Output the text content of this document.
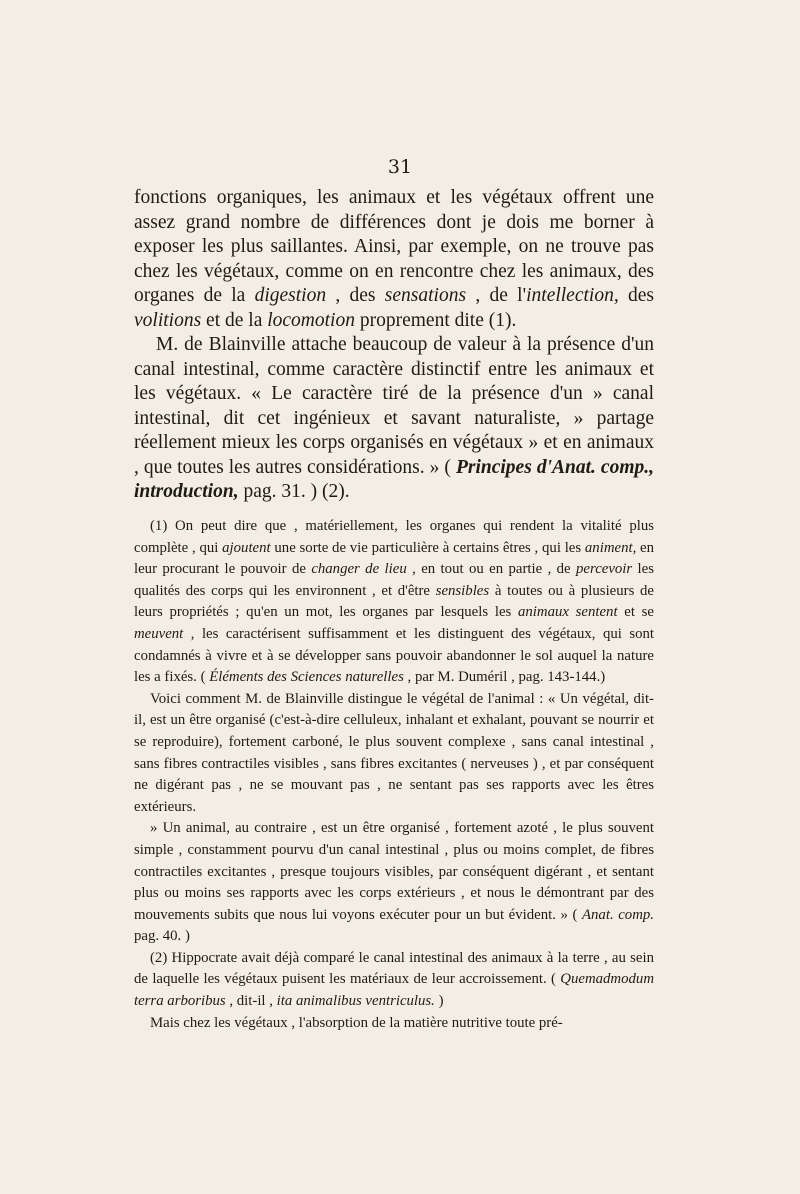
31

fonctions organiques, les animaux et les végétaux offrent une assez grand nombre de différences dont je dois me borner à exposer les plus saillantes. Ainsi, par exemple, on ne trouve pas chez les végétaux, comme on en rencontre chez les animaux, des organes de la digestion , des sensations , de l'intellection, des volitions et de la locomotion proprement dite (1).

M. de Blainville attache beaucoup de valeur à la présence d'un canal intestinal, comme caractère distinctif entre les animaux et les végétaux. « Le caractère tiré de la présence d'un » canal intestinal, dit cet ingénieux et savant naturaliste, » partage réellement mieux les corps organisés en végétaux » et en animaux , que toutes les autres considérations. » ( Principes d'Anat. comp., introduction, pag. 31. ) (2).

(1) On peut dire que , matériellement, les organes qui rendent la vitalité plus complète , qui ajoutent une sorte de vie particulière à certains êtres , qui les animent, en leur procurant le pouvoir de changer de lieu , en tout ou en partie , de percevoir les qualités des corps qui les environnent , et d'être sensibles à toutes ou à plusieurs de leurs propriétés ; qu'en un mot, les organes par lesquels les animaux sentent et se meuvent , les caractérisent suffisamment et les distinguent des végétaux, qui sont condamnés à vivre et à se développer sans pouvoir abandonner le sol auquel la nature les a fixés. ( Éléments des Sciences naturelles , par M. Duméril , pag. 143-144.)

Voici comment M. de Blainville distingue le végétal de l'animal : « Un végétal, dit-il, est un être organisé (c'est-à-dire celluleux, inhalant et exhalant, pouvant se nourrir et se reproduire), fortement carboné, le plus souvent complexe , sans canal intestinal , sans fibres contractiles visibles , sans fibres excitantes ( nerveuses ) , et par conséquent ne digérant pas , ne se mouvant pas , ne sentant pas ses rapports avec les êtres extérieurs.

» Un animal, au contraire , est un être organisé , fortement azoté , le plus souvent simple , constamment pourvu d'un canal intestinal , plus ou moins complet, de fibres contractiles excitantes , presque toujours visibles, par conséquent digérant , et sentant plus ou moins ses rapports avec les corps extérieurs , et nous le démontrant par des mouvements subits que nous lui voyons exécuter pour un but évident. » ( Anat. comp. pag. 40. )

(2) Hippocrate avait déjà comparé le canal intestinal des animaux à la terre , au sein de laquelle les végétaux puisent les matériaux de leur accroissement. ( Quemadmodum terra arboribus , dit-il , ita animalibus ventriculus. )

Mais chez les végétaux , l'absorption de la matière nutritive toute pré-
